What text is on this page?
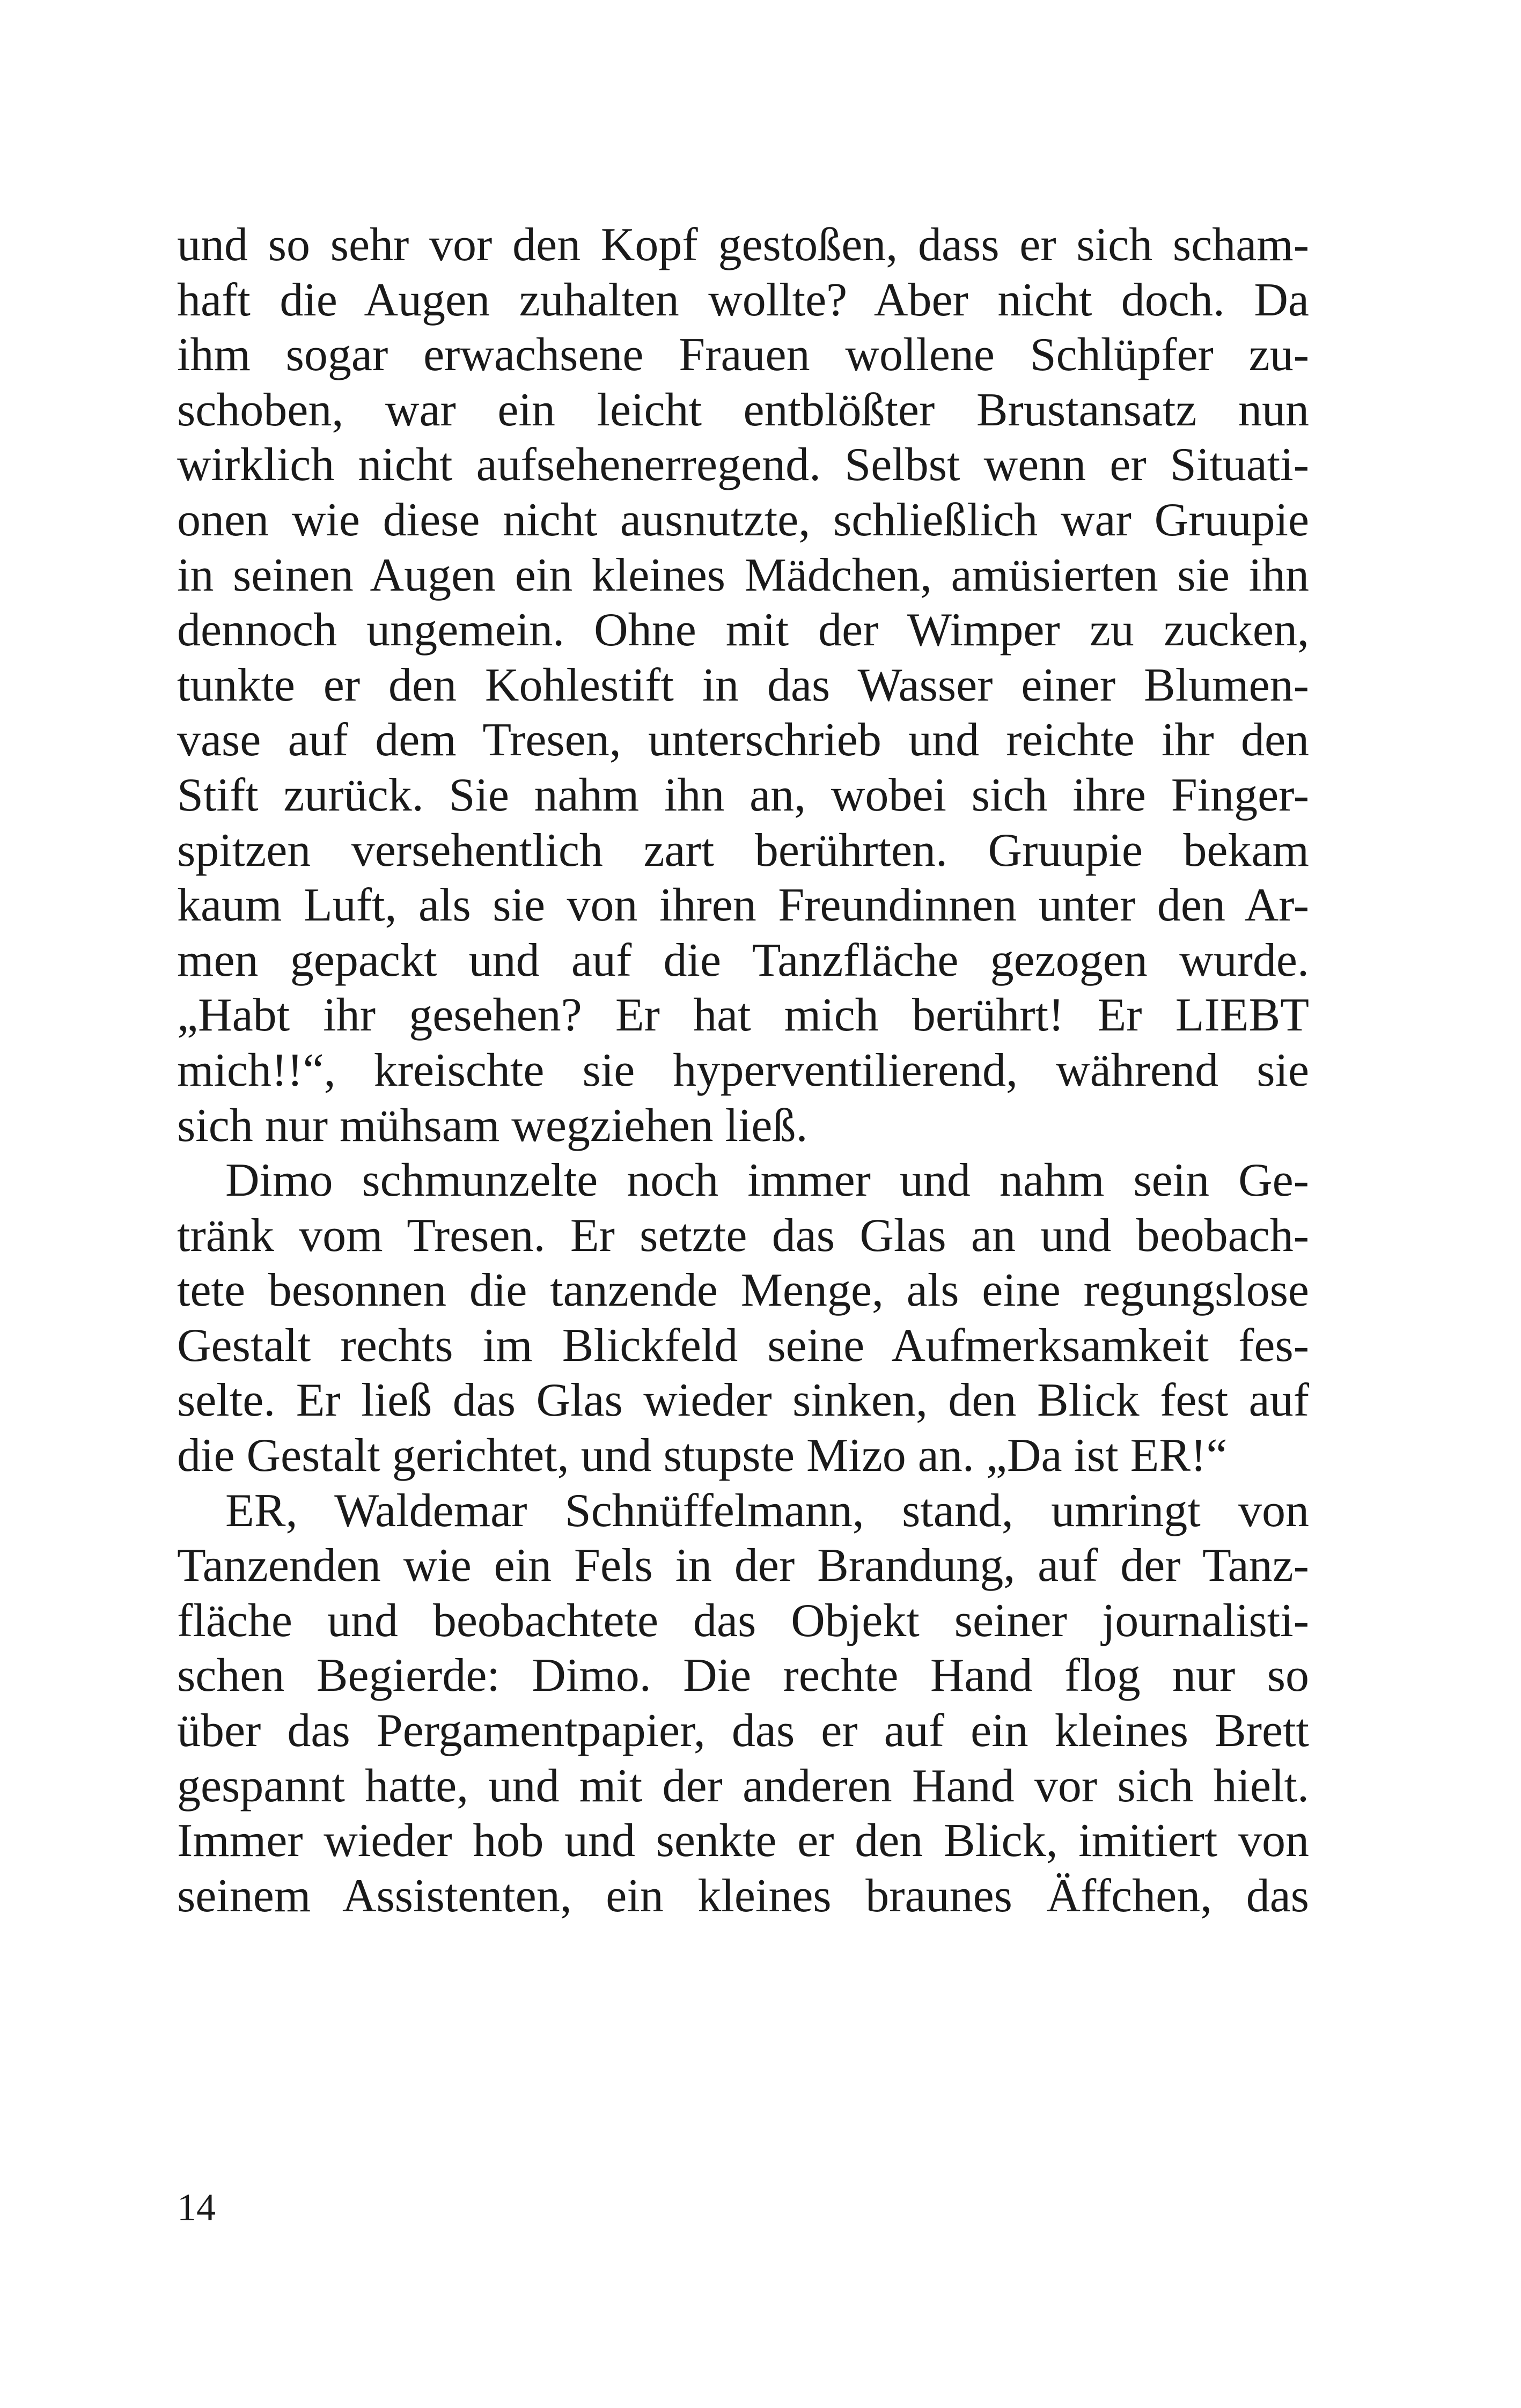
und so sehr vor den Kopf gestoßen, dass er sich scham-
haft die Augen zuhalten wollte? Aber nicht doch. Da
ihm sogar erwachsene Frauen wollene Schlüpfer zu-
schoben, war ein leicht entblößter Brustansatz nun
wirklich nicht aufsehenerregend. Selbst wenn er Situati-
onen wie diese nicht ausnutzte, schließlich war Gruupie
in seinen Augen ein kleines Mädchen, amüsierten sie ihn
dennoch ungemein. Ohne mit der Wimper zu zucken,
tunkte er den Kohlestift in das Wasser einer Blumen-
vase auf dem Tresen, unterschrieb und reichte ihr den
Stift zurück. Sie nahm ihn an, wobei sich ihre Finger-
spitzen versehentlich zart berührten. Gruupie bekam
kaum Luft, als sie von ihren Freundinnen unter den Ar-
men gepackt und auf die Tanzfläche gezogen wurde.
„Habt ihr gesehen? Er hat mich berührt! Er LIEBT
mich!!“, kreischte sie hyperventilierend, während sie
sich nur mühsam wegziehen ließ.
Dimo schmunzelte noch immer und nahm sein Ge-
tränk vom Tresen. Er setzte das Glas an und beobach-
tete besonnen die tanzende Menge, als eine regungslose
Gestalt rechts im Blickfeld seine Aufmerksamkeit fes-
selte. Er ließ das Glas wieder sinken, den Blick fest auf
die Gestalt gerichtet, und stupste Mizo an. „Da ist ER!“
ER, Waldemar Schnüffelmann, stand, umringt von
Tanzenden wie ein Fels in der Brandung, auf der Tanz-
fläche und beobachtete das Objekt seiner journalisti-
schen Begierde: Dimo. Die rechte Hand flog nur so
über das Pergamentpapier, das er auf ein kleines Brett
gespannt hatte, und mit der anderen Hand vor sich hielt.
Immer wieder hob und senkte er den Blick, imitiert von
seinem Assistenten, ein kleines braunes Äffchen, das
14
